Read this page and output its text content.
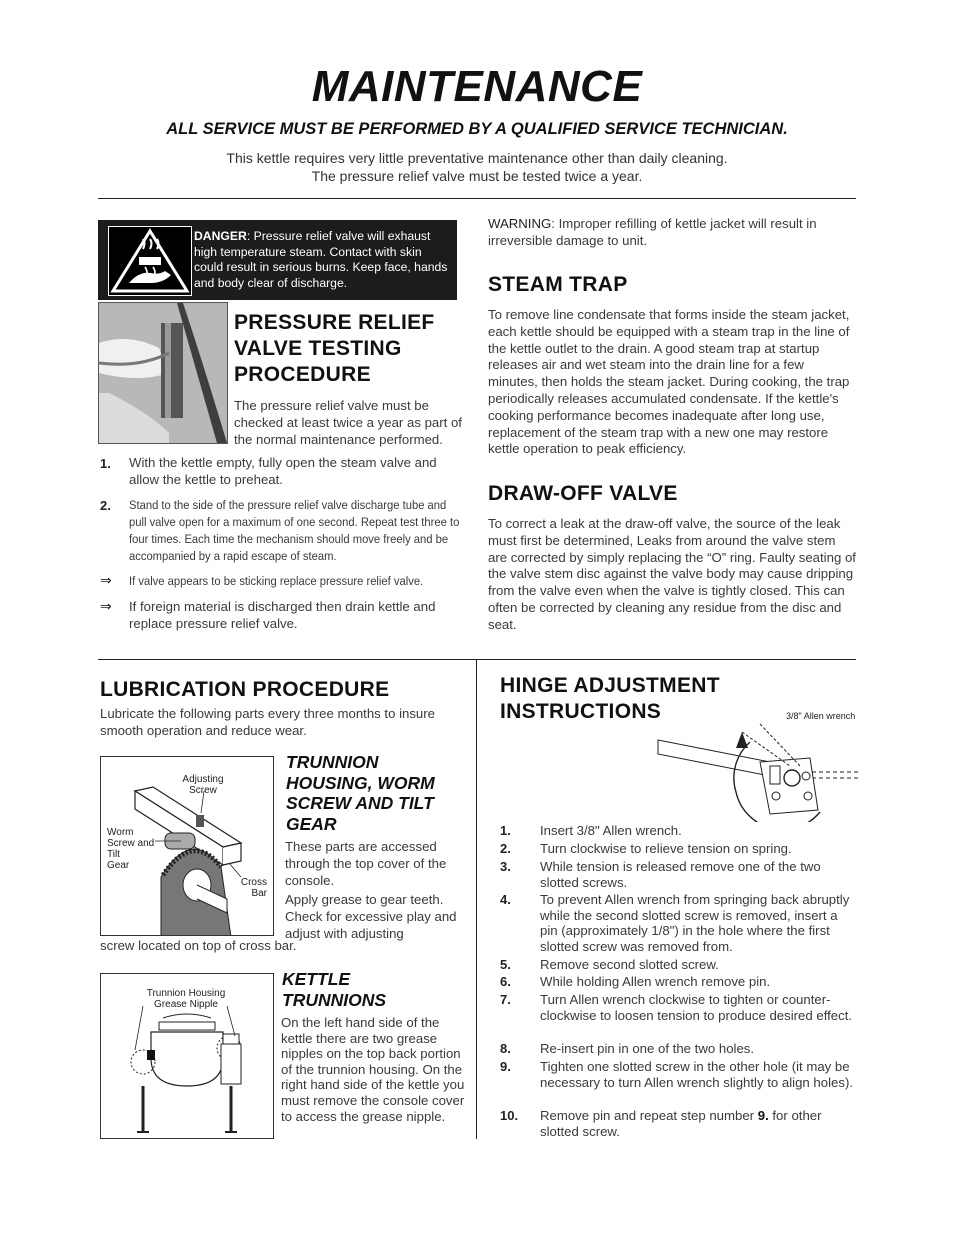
MAINTENANCE
ALL SERVICE MUST BE PERFORMED BY A QUALIFIED SERVICE TECHNICIAN.
This kettle requires very little preventative maintenance other than daily cleaning.
The pressure relief valve must be tested twice a year.
DANGER: Pressure relief valve will exhaust high temperature steam. Contact with skin could result in serious burns. Keep face, hands and body clear of discharge.
PRESSURE RELIEF
VALVE TESTING
PROCEDURE
The pressure relief valve must be checked at least twice a year as part of the normal maintenance performed.
1. With the kettle empty, fully open the steam valve and allow the kettle to preheat.
2. Stand to the side of the pressure relief valve discharge tube and pull valve open for a maximum of one second. Repeat test three to four times. Each time the mechanism should move freely and be accompanied by a rapid escape of steam.
⇒ If valve appears to be sticking replace pressure relief valve.
⇒ If foreign material is discharged then drain kettle and replace pressure relief valve.
WARNING: Improper refilling of kettle jacket will result in irreversible damage to unit.
STEAM TRAP
To remove line condensate that forms inside the steam jacket, each kettle should be equipped with a steam trap in the line of the kettle outlet to the drain. A good steam trap at startup releases air and wet steam into the drain line for a few minutes, then holds the steam jacket. During cooking, the trap periodically releases accumulated condensate. If the kettle's cooking performance becomes inadequate after long use, replacement of the steam trap with a new one may restore kettle operation to peak efficiency.
DRAW-OFF VALVE
To correct a leak at the draw-off valve, the source of the leak must first be determined, Leaks from around the valve stem are corrected by simply replacing the “O” ring. Faulty seating of the valve stem disc against the valve body may cause dripping from the valve even when the valve is tightly closed. This can often be corrected by cleaning any residue from the disc and seat.
LUBRICATION PROCEDURE
Lubricate the following parts every three months to insure smooth operation and reduce wear.
Adjusting
Screw
Worm
Screw and
Tilt
Gear
Cross
Bar
TRUNNION HOUSING, WORM SCREW AND TILT GEAR
These parts are accessed through the top cover of the console.
Apply grease to gear teeth. Check for excessive play and adjust with adjusting
screw located on top of cross bar.
Trunnion Housing
Grease Nipple
KETTLE
TRUNNIONS
On the left hand side of the kettle there are two grease nipples on the top back portion of the trunnion housing. On the right hand side of the kettle you must remove the console cover to access the grease nipple.
HINGE ADJUSTMENT
INSTRUCTIONS	3/8" Allen wrench
1. Insert 3/8" Allen wrench.
2. Turn clockwise to relieve tension on spring.
3. While tension is released remove one of the two slotted screws.
4. To prevent Allen wrench from springing back abruptly while the second slotted screw is removed, insert a pin (approximately 1/8") in the hole where the first slotted screw was removed from.
5. Remove second slotted screw.
6. While holding Allen wrench remove pin.
7. Turn Allen wrench clockwise to tighten or counter-clockwise to loosen tension to produce desired effect.
8. Re-insert pin in one of the two holes.
9. Tighten one slotted screw in the other hole (it may be necessary to turn Allen wrench slightly to align holes).
10. Remove pin and repeat step number 9. for other slotted screw.
